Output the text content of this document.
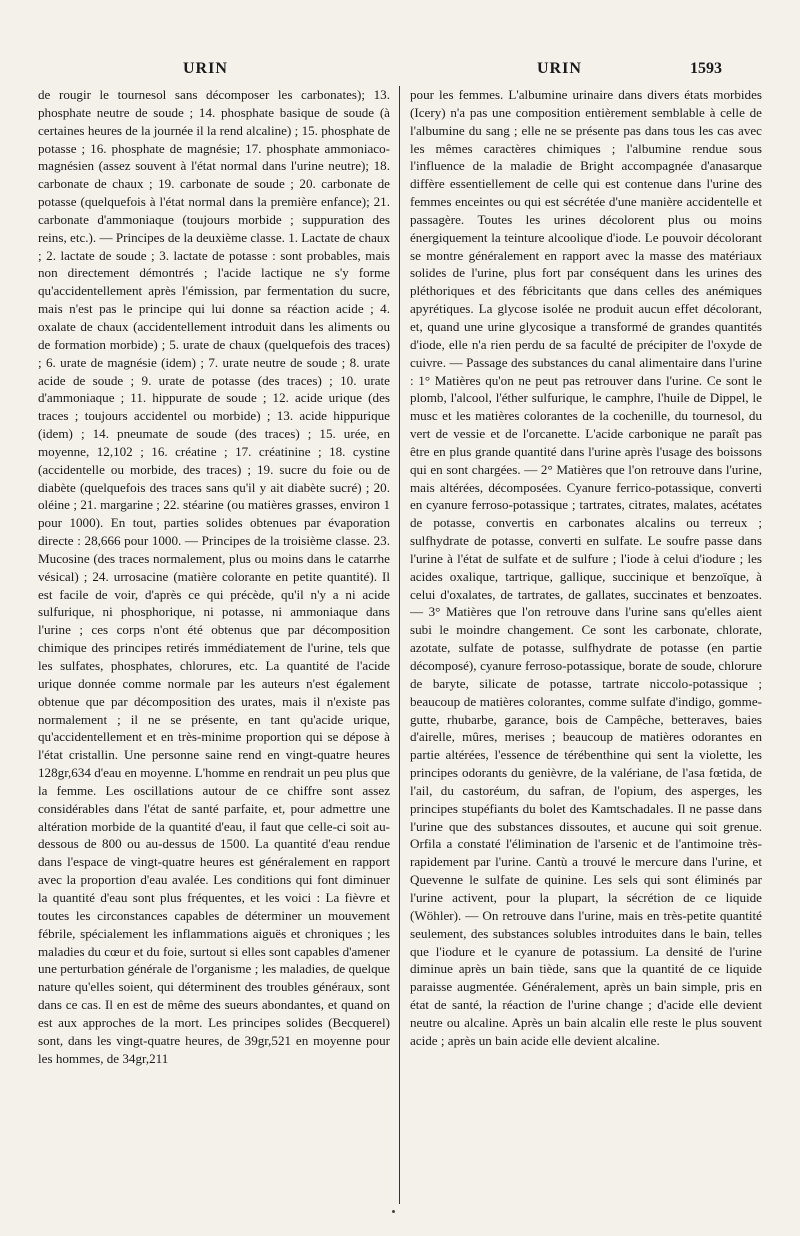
URIN	URIN	1593

de rougir le tournesol sans décomposer les carbonates); 13. phosphate neutre de soude ; 14. phosphate basique de soude (à certaines heures de la journée il la rend alcaline) ; 15. phosphate de potasse ; 16. phosphate de magnésie; 17. phosphate ammoniaco-magnésien (assez souvent à l'état normal dans l'urine neutre); 18. carbonate de chaux ; 19. carbonate de soude ; 20. carbonate de potasse (quelquefois à l'état normal dans la première enfance); 21. carbonate d'ammoniaque (toujours morbide ; suppuration des reins, etc.). — Principes de la deuxième classe. 1. Lactate de chaux ; 2. lactate de soude ; 3. lactate de potasse : sont probables, mais non directement démontrés ; l'acide lactique ne s'y forme qu'accidentellement après l'émission, par fermentation du sucre, mais n'est pas le principe qui lui donne sa réaction acide ; 4. oxalate de chaux (accidentellement introduit dans les aliments ou de formation morbide) ; 5. urate de chaux (quelquefois des traces) ; 6. urate de magnésie (idem) ; 7. urate neutre de soude ; 8. urate acide de soude ; 9. urate de potasse (des traces) ; 10. urate d'ammoniaque ; 11. hippurate de soude ; 12. acide urique (des traces ; toujours accidentel ou morbide) ; 13. acide hippurique (idem) ; 14. pneumate de soude (des traces) ; 15. urée, en moyenne, 12,102 ; 16. créatine ; 17. créatinine ; 18. cystine (accidentelle ou morbide, des traces) ; 19. sucre du foie ou de diabète (quelquefois des traces sans qu'il y ait diabète sucré) ; 20. oléine ; 21. margarine ; 22. stéarine (ou matières grasses, environ 1 pour 1000). En tout, parties solides obtenues par évaporation directe : 28,666 pour 1000. — Principes de la troisième classe. 23. Mucosine (des traces normalement, plus ou moins dans le catarrhe vésical) ; 24. urrosacine (matière colorante en petite quantité). Il est facile de voir, d'après ce qui précède, qu'il n'y a ni acide sulfurique, ni phosphorique, ni potasse, ni ammoniaque dans l'urine ; ces corps n'ont été obtenus que par décomposition chimique des principes retirés immédiatement de l'urine, tels que les sulfates, phosphates, chlorures, etc. La quantité de l'acide urique donnée comme normale par les auteurs n'est également obtenue que par décomposition des urates, mais il n'existe pas normalement ; il ne se présente, en tant qu'acide urique, qu'accidentellement et en très-minime proportion qui se dépose à l'état cristallin. Une personne saine rend en vingt-quatre heures 128gr,634 d'eau en moyenne. L'homme en rendrait un peu plus que la femme. Les oscillations autour de ce chiffre sont assez considérables dans l'état de santé parfaite, et, pour admettre une altération morbide de la quantité d'eau, il faut que celle-ci soit au-dessous de 800 ou au-dessus de 1500. La quantité d'eau rendue dans l'espace de vingt-quatre heures est généralement en rapport avec la proportion d'eau avalée. Les conditions qui font diminuer la quantité d'eau sont plus fréquentes, et les voici : La fièvre et toutes les circonstances capables de déterminer un mouvement fébrile, spécialement les inflammations aiguës et chroniques ; les maladies du cœur et du foie, surtout si elles sont capables d'amener une perturbation générale de l'organisme ; les maladies, de quelque nature qu'elles soient, qui déterminent des troubles généraux, sont dans ce cas. Il en est de même des sueurs abondantes, et quand on est aux approches de la mort. Les principes solides (Becquerel) sont, dans les vingt-quatre heures, de 39gr,521 en moyenne pour les hommes, de 34gr,211

pour les femmes. L'albumine urinaire dans divers états morbides (Icery) n'a pas une composition entièrement semblable à celle de l'albumine du sang ; elle ne se présente pas dans tous les cas avec les mêmes caractères chimiques ; l'albumine rendue sous l'influence de la maladie de Bright accompagnée d'anasarque diffère essentiellement de celle qui est contenue dans l'urine des femmes enceintes ou qui est sécrétée d'une manière accidentelle et passagère. Toutes les urines décolorent plus ou moins énergiquement la teinture alcoolique d'iode. Le pouvoir décolorant se montre généralement en rapport avec la masse des matériaux solides de l'urine, plus fort par conséquent dans les urines des pléthoriques et des fébricitants que dans celles des anémiques apyrétiques. La glycose isolée ne produit aucun effet décolorant, et, quand une urine glycosique a transformé de grandes quantités d'iode, elle n'a rien perdu de sa faculté de précipiter de l'oxyde de cuivre. — Passage des substances du canal alimentaire dans l'urine : 1° Matières qu'on ne peut pas retrouver dans l'urine. Ce sont le plomb, l'alcool, l'éther sulfurique, le camphre, l'huile de Dippel, le musc et les matières colorantes de la cochenille, du tournesol, du vert de vessie et de l'orcanette. L'acide carbonique ne paraît pas être en plus grande quantité dans l'urine après l'usage des boissons qui en sont chargées. — 2° Matières que l'on retrouve dans l'urine, mais altérées, décomposées. Cyanure ferrico-potassique, converti en cyanure ferroso-potassique ; tartrates, citrates, malates, acétates de potasse, convertis en carbonates alcalins ou terreux ; sulfhydrate de potasse, converti en sulfate. Le soufre passe dans l'urine à l'état de sulfate et de sulfure ; l'iode à celui d'iodure ; les acides oxalique, tartrique, gallique, succinique et benzoïque, à celui d'oxalates, de tartrates, de gallates, succinates et benzoates. — 3° Matières que l'on retrouve dans l'urine sans qu'elles aient subi le moindre changement. Ce sont les carbonate, chlorate, azotate, sulfate de potasse, sulfhydrate de potasse (en partie décomposé), cyanure ferroso-potassique, borate de soude, chlorure de baryte, silicate de potasse, tartrate niccolo-potassique ; beaucoup de matières colorantes, comme sulfate d'indigo, gomme-gutte, rhubarbe, garance, bois de Campêche, betteraves, baies d'airelle, mûres, merises ; beaucoup de matières odorantes en partie altérées, l'essence de térébenthine qui sent la violette, les principes odorants du genièvre, de la valériane, de l'asa fœtida, de l'ail, du castoréum, du safran, de l'opium, des asperges, les principes stupéfiants du bolet des Kamtschadales. Il ne passe dans l'urine que des substances dissoutes, et aucune qui soit grenue. Orfila a constaté l'élimination de l'arsenic et de l'antimoine très-rapidement par l'urine. Cantù a trouvé le mercure dans l'urine, et Quevenne le sulfate de quinine. Les sels qui sont éliminés par l'urine activent, pour la plupart, la sécrétion de ce liquide (Wöhler). — On retrouve dans l'urine, mais en très-petite quantité seulement, des substances solubles introduites dans le bain, telles que l'iodure et le cyanure de potassium. La densité de l'urine diminue après un bain tiède, sans que la quantité de ce liquide paraisse augmentée. Généralement, après un bain simple, pris en état de santé, la réaction de l'urine change ; d'acide elle devient neutre ou alcaline. Après un bain alcalin elle reste le plus souvent acide ; après un bain acide elle devient alcaline.
